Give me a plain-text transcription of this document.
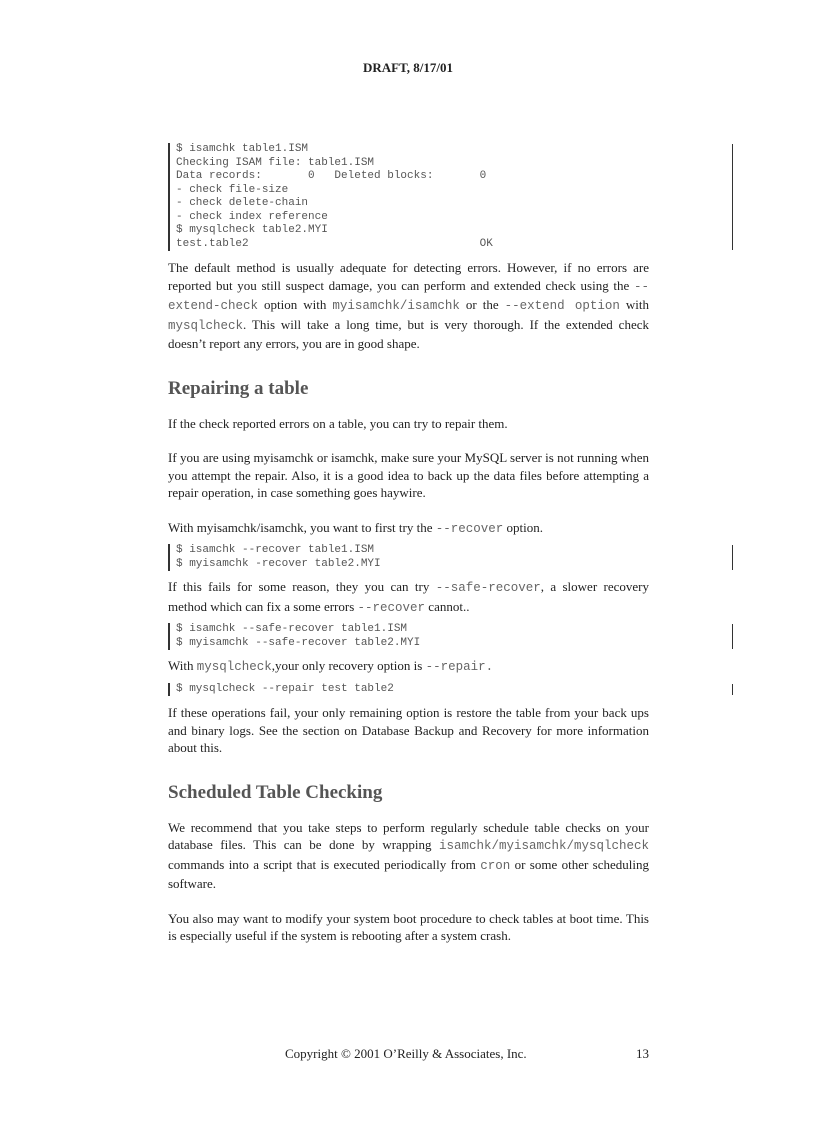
DRAFT, 8/17/01
$ isamchk table1.ISM
Checking ISAM file: table1.ISM
Data records:       0   Deleted blocks:       0
- check file-size
- check delete-chain
- check index reference
$ mysqlcheck table2.MYI
test.table2                                   OK

The default method is usually adequate for detecting errors. However, if no errors are reported but you still suspect damage, you can perform and extended check using the --extend-check option with myisamchk/isamchk or the --extend option with mysqlcheck. This will take a long time, but is very thorough. If the extended check doesn’t report any errors, you are in good shape.

Repairing a table

If the check reported errors on a table, you can try to repair them.

If you are using myisamchk or isamchk, make sure your MySQL server is not running when you attempt the repair. Also, it is a good idea to back up the data files before attempting a repair operation, in case something goes haywire.

With myisamchk/isamchk, you want to first try the --recover option.

$ isamchk --recover table1.ISM
$ myisamchk -recover table2.MYI

If this fails for some reason, they you can try --safe-recover, a slower recovery method which can fix a some errors --recover cannot..

$ isamchk --safe-recover table1.ISM
$ myisamchk --safe-recover table2.MYI

With mysqlcheck,your only recovery option is --repair.

$ mysqlcheck --repair test table2

If these operations fail, your only remaining option is restore the table from your back ups and binary logs. See the section on Database Backup and Recovery for more information about this.

Scheduled Table Checking

We recommend that you take steps to perform regularly schedule table checks on your database files. This can be done by wrapping isamchk/myisamchk/mysqlcheck commands into a script that is executed periodically from cron or some other scheduling software.

You also may want to modify your system boot procedure to check tables at boot time. This is especially useful if the system is rebooting after a system crash.

Copyright © 2001 O’Reilly & Associates, Inc.	13
